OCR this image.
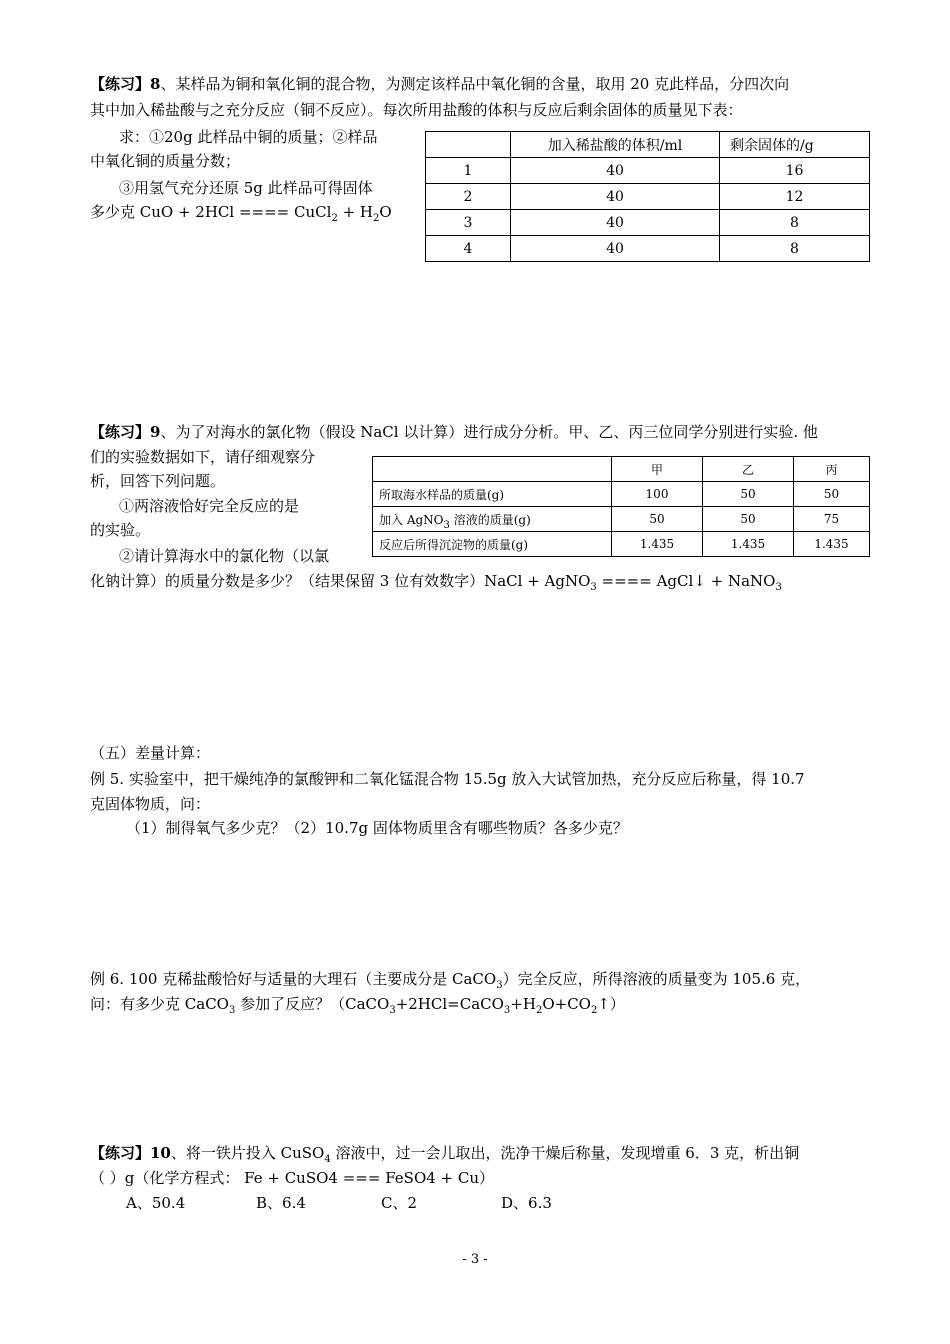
【练习】8、某样品为铜和氧化铜的混合物，为测定该样品中氧化铜的含量，取用 20 克此样品，分四次向
其中加入稀盐酸与之充分反应（铜不反应）。每次所用盐酸的体积与反应后剩余固体的质量见下表：
求：①20g 此样品中铜的质量；②样品
中氧化铜的质量分数；
③用氢气充分还原 5g 此样品可得固体
多少克 CuO + 2HCl ==== CuCl$_2$ + $H_2O$
	加入稀盐酸的体积/ml	剩余固体的/g
1	40	16
2	40	12
3	40	8
4	40	8
【练习】9、为了对海水的氯化物（假设 NaCl 以计算）进行成分分析。甲、乙、丙三位同学分别进行实验. 他
们的实验数据如下，请仔细观察分
析，回答下列问题。
①两溶液恰好完全反应的是
的实验。
②请计算海水中的氯化物（以氯
化钠计算）的质量分数是多少？（结果保留 3 位有效数字）NaCl + AgNO$_3$ ==== AgCl↓ + NaNO$_3$
	甲	乙	丙
所取海水样品的质量(g)	100	50	50
加入 AgNO$_3$ 溶液的质量(g)	50	50	75
反应后所得沉淀物的质量(g)	1.435	1.435	1.435
（五）差量计算：
例 5. 实验室中，把干燥纯净的氯酸钾和二氧化锰混合物 15.5g 放入大试管加热，充分反应后称量，得 10.7
克固体物质，问：
（1）制得氧气多少克？（2）10.7g 固体物质里含有哪些物质？各多少克？
例 6. 100 克稀盐酸恰好与适量的大理石（主要成分是 CaCO$_3$）完全反应，所得溶液的质量变为 105.6 克，
问：有多少克 CaCO$_3$ 参加了反应？$(CaCO_3+2HCl=CaCO_3+H_2O+CO_2↑)$
【练习】10、将一铁片投入 CuSO$_4$ 溶液中，过一会儿取出，洗净干燥后称量，发现增重 6．3 克，析出铜
（ ）g（化学方程式： Fe + CuSO4 === FeSO4 + Cu）
A、50.4	B、6.4	C、2	D、6.3
- 3 -
